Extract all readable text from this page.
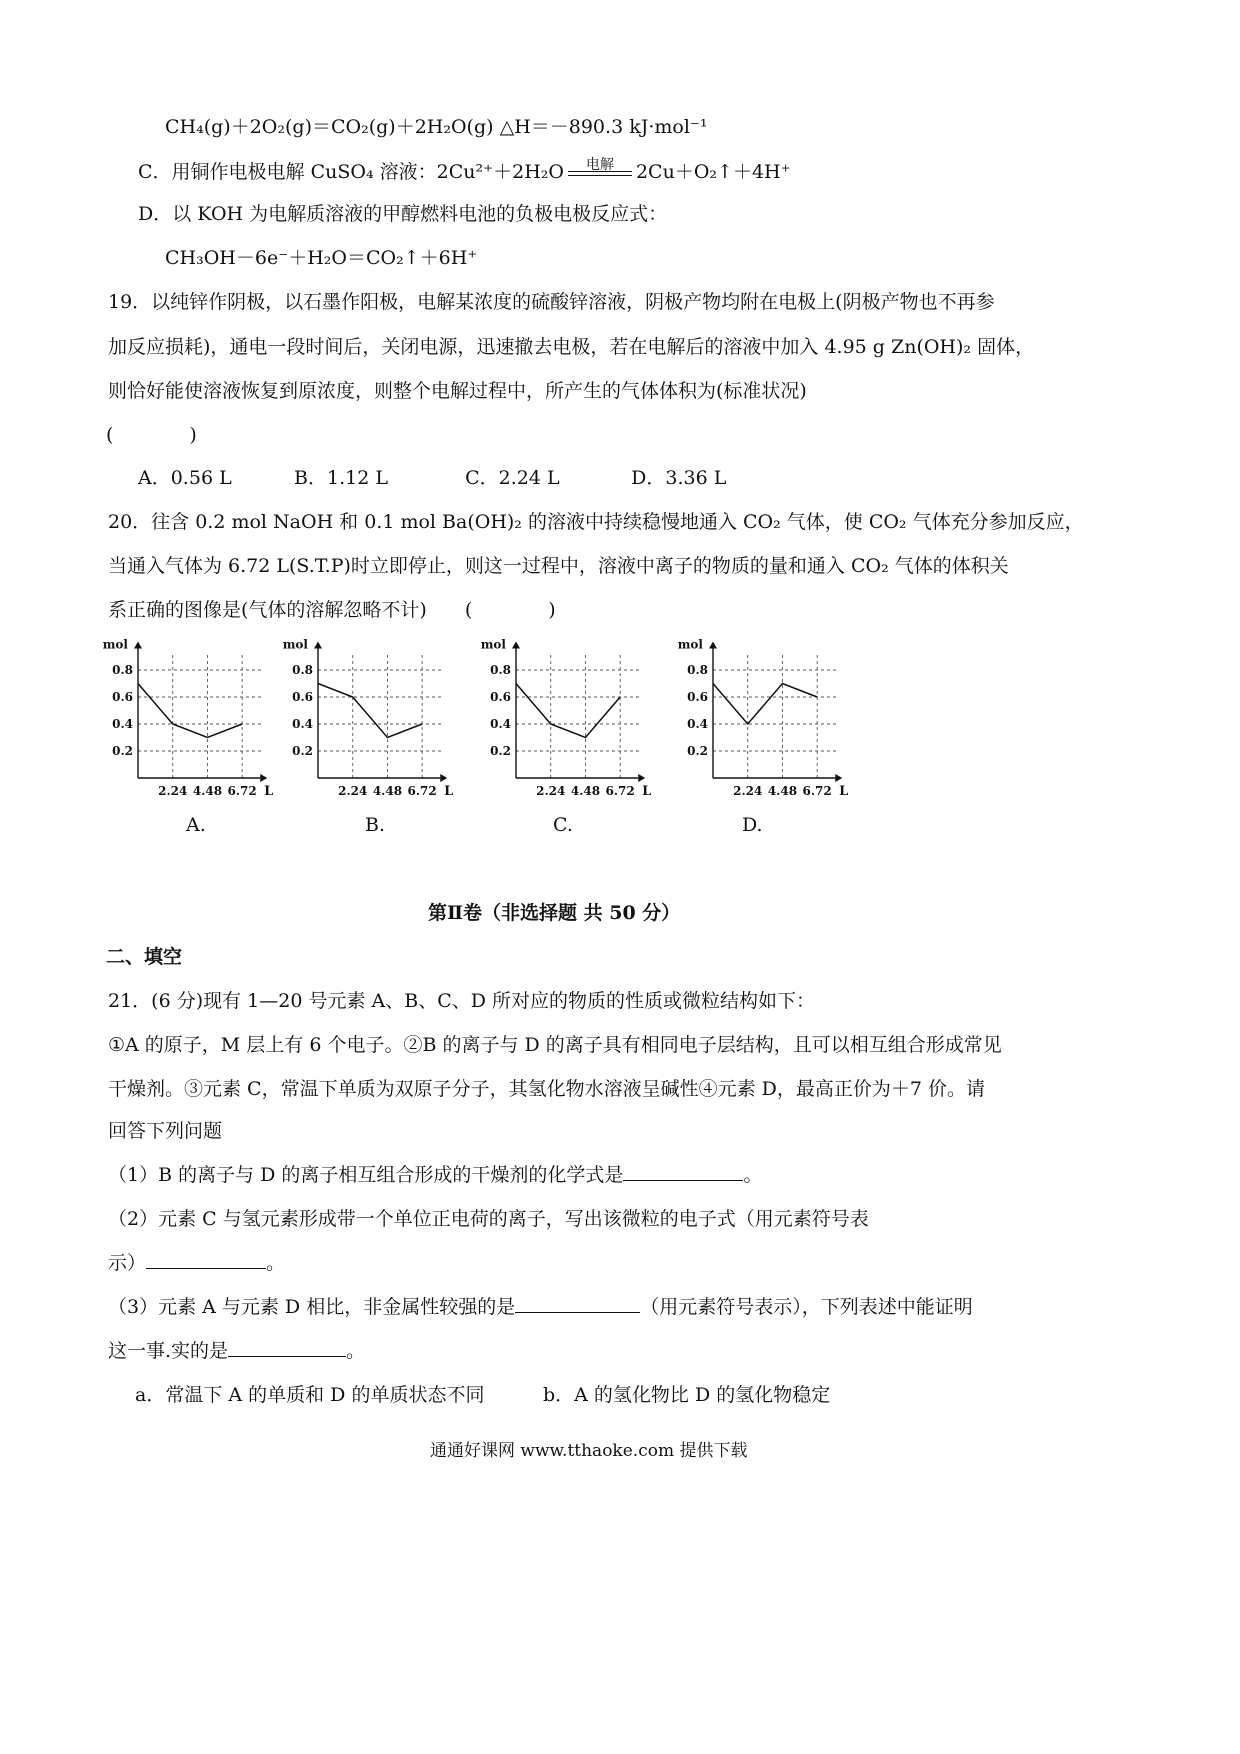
CH₄(g)＋2O₂(g)＝CO₂(g)＋2H₂O(g) △H＝－890.3 kJ·mol⁻¹
C．用铜作电极电解 CuSO₄ 溶液：2Cu²⁺＋2H₂O	电解	2Cu＋O₂↑＋4H⁺
D．以 KOH 为电解质溶液的甲醇燃料电池的负极电极反应式：
CH₃OH－6e⁻＋H₂O＝CO₂↑＋6H⁺
19．以纯锌作阴极，以石墨作阳极，电解某浓度的硫酸锌溶液，阴极产物均附在电极上(阴极产物也不再参
加反应损耗)，通电一段时间后，关闭电源，迅速撤去电极，若在电解后的溶液中加入 4.95 g Zn(OH)₂ 固体，
则恰好能使溶液恢复到原浓度，则整个电解过程中，所产生的气体体积为(标准状况)
(　　　　)
A．0.56 L	B．1.12 L	C．2.24 L	D．3.36 L
20．往含 0.2 mol NaOH 和 0.1 mol Ba(OH)₂ 的溶液中持续稳慢地通入 CO₂ 气体，使 CO₂ 气体充分参加反应，
当通入气体为 6.72 L(S.T.P)时立即停止，则这一过程中，溶液中离子的物质的量和通入 CO₂ 气体的体积关
系正确的图像是(气体的溶解忽略不计)　　(　　　　)
0.8
0.6
0.4
0.2
2.24 4.48 6.72
mol
L
0.8
0.6
0.4
0.2
2.24 4.48 6.72
mol
L
0.8
0.6
0.4
0.2
2.24 4.48 6.72
mol
L
0.8
0.6
0.4
0.2
2.24 4.48 6.72
mol
L
A.	B.	C.	D.
第Ⅱ卷（非选择题 共 50 分）
二、填空
21．(6 分)现有 1—20 号元素 A、B、C、D 所对应的物质的性质或微粒结构如下：
①A 的原子，M 层上有 6 个电子。②B 的离子与 D 的离子具有相同电子层结构，且可以相互组合形成常见
干燥剂。③元素 C，常温下单质为双原子分子，其氢化物水溶液呈碱性④元素 D，最高正价为＋7 价。请
回答下列问题
（1）B 的离子与 D 的离子相互组合形成的干燥剂的化学式是	。
（2）元素 C 与氢元素形成带一个单位正电荷的离子，写出该微粒的电子式（用元素符号表
示）	。
（3）元素 A 与元素 D 相比，非金属性较强的是	（用元素符号表示），下列表述中能证明
这一事.实的是	。
a．常温下 A 的单质和 D 的单质状态不同	b．A 的氢化物比 D 的氢化物稳定
通通好课网 www.tthaoke.com 提供下载
